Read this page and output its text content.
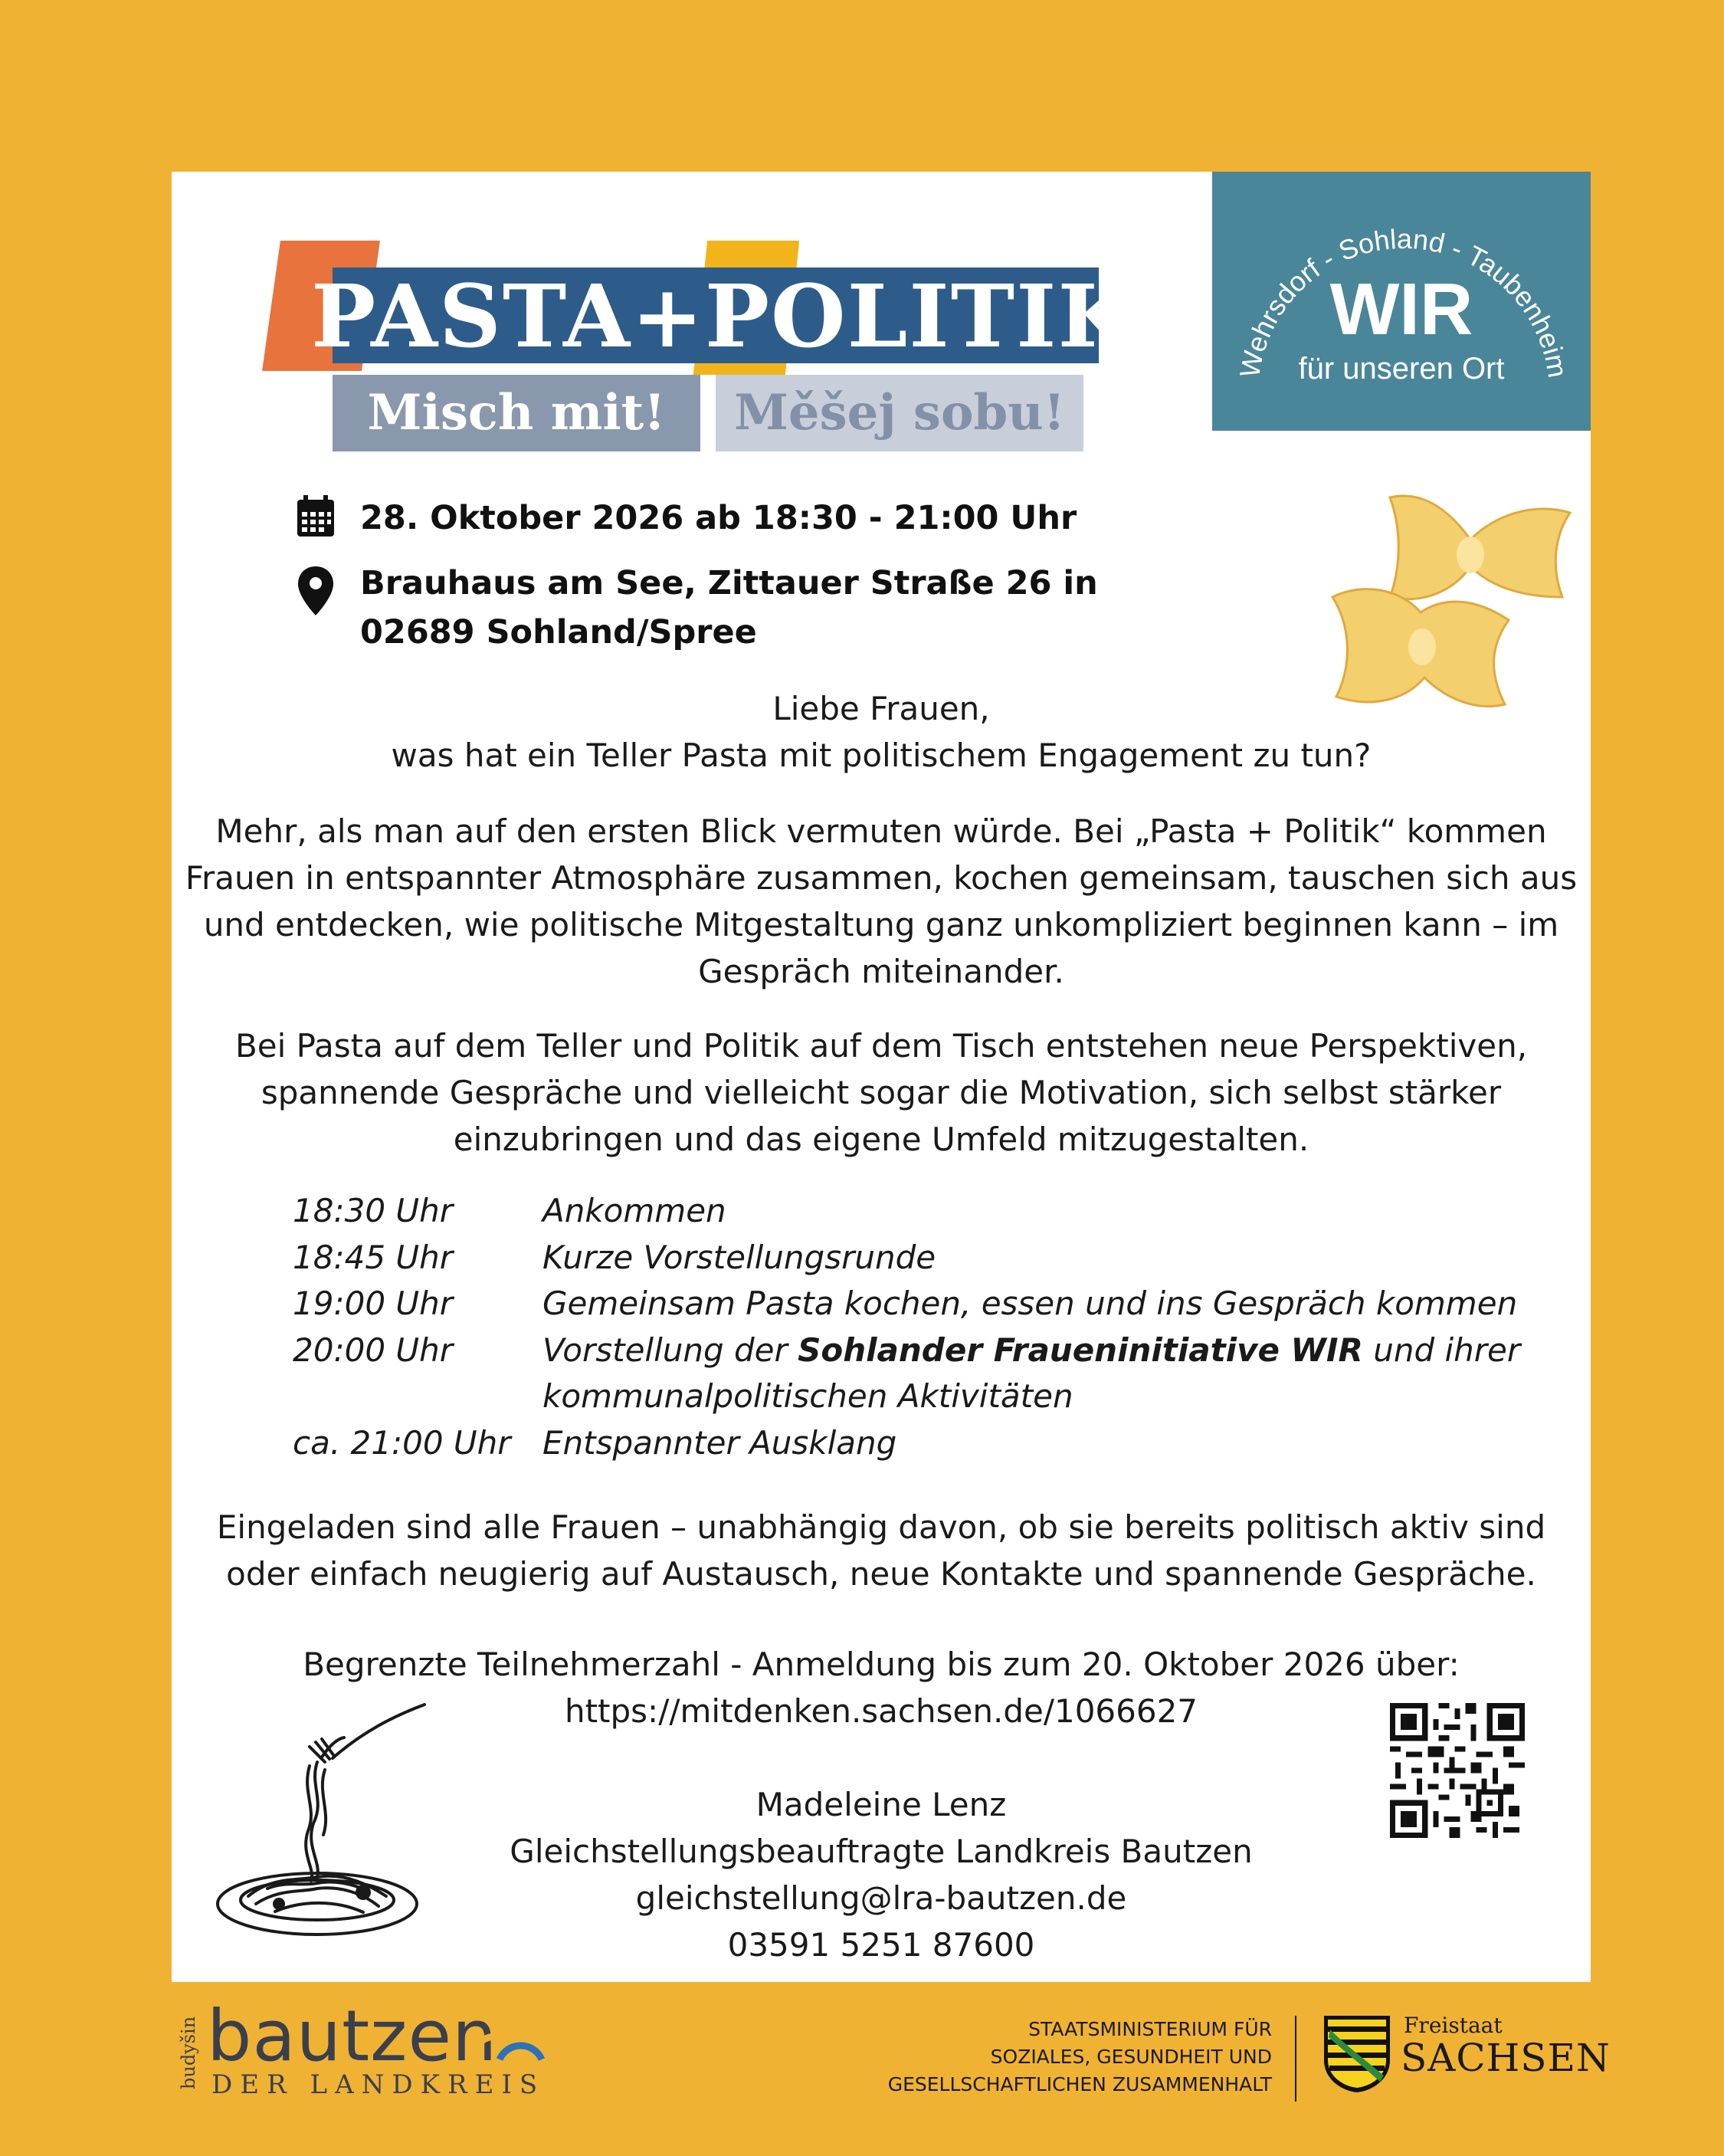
PASTA+POLITIK
Misch mit!	Měšej sobu!
Wehrsdorf - Sohland - Taubenheim
WIR
für unseren Ort
28. Oktober 2026 ab 18:30 - 21:00 Uhr
Brauhaus am See, Zittauer Straße 26 in
02689 Sohland/Spree
Liebe Frauen,
was hat ein Teller Pasta mit politischem Engagement zu tun?
Mehr, als man auf den ersten Blick vermuten würde. Bei „Pasta + Politik“ kommen
Frauen in entspannter Atmosphäre zusammen, kochen gemeinsam, tauschen sich aus
und entdecken, wie politische Mitgestaltung ganz unkompliziert beginnen kann – im
Gespräch miteinander.
Bei Pasta auf dem Teller und Politik auf dem Tisch entstehen neue Perspektiven,
spannende Gespräche und vielleicht sogar die Motivation, sich selbst stärker
einzubringen und das eigene Umfeld mitzugestalten.
18:30 Uhr	Ankommen
18:45 Uhr	Kurze Vorstellungsrunde
19:00 Uhr	Gemeinsam Pasta kochen, essen und ins Gespräch kommen
20:00 Uhr	Vorstellung der Sohlander Fraueninitiative WIR und ihrer
kommunalpolitischen Aktivitäten
ca. 21:00 Uhr Entspannter Ausklang
Eingeladen sind alle Frauen – unabhängig davon, ob sie bereits politisch aktiv sind
oder einfach neugierig auf Austausch, neue Kontakte und spannende Gespräche.
Begrenzte Teilnehmerzahl - Anmeldung bis zum 20. Oktober 2026 über:
https://mitdenken.sachsen.de/1066627
Madeleine Lenz
Gleichstellungsbeauftragte Landkreis Bautzen
gleichstellung@lra-bautzen.de
03591 5251 87600
budyšin bautzen
DER LANDKREIS
STAATSMINISTERIUM FÜR
SOZIALES, GESUNDHEIT UND
GESELLSCHAFTLICHEN ZUSAMMENHALT
Freistaat
SACHSEN
